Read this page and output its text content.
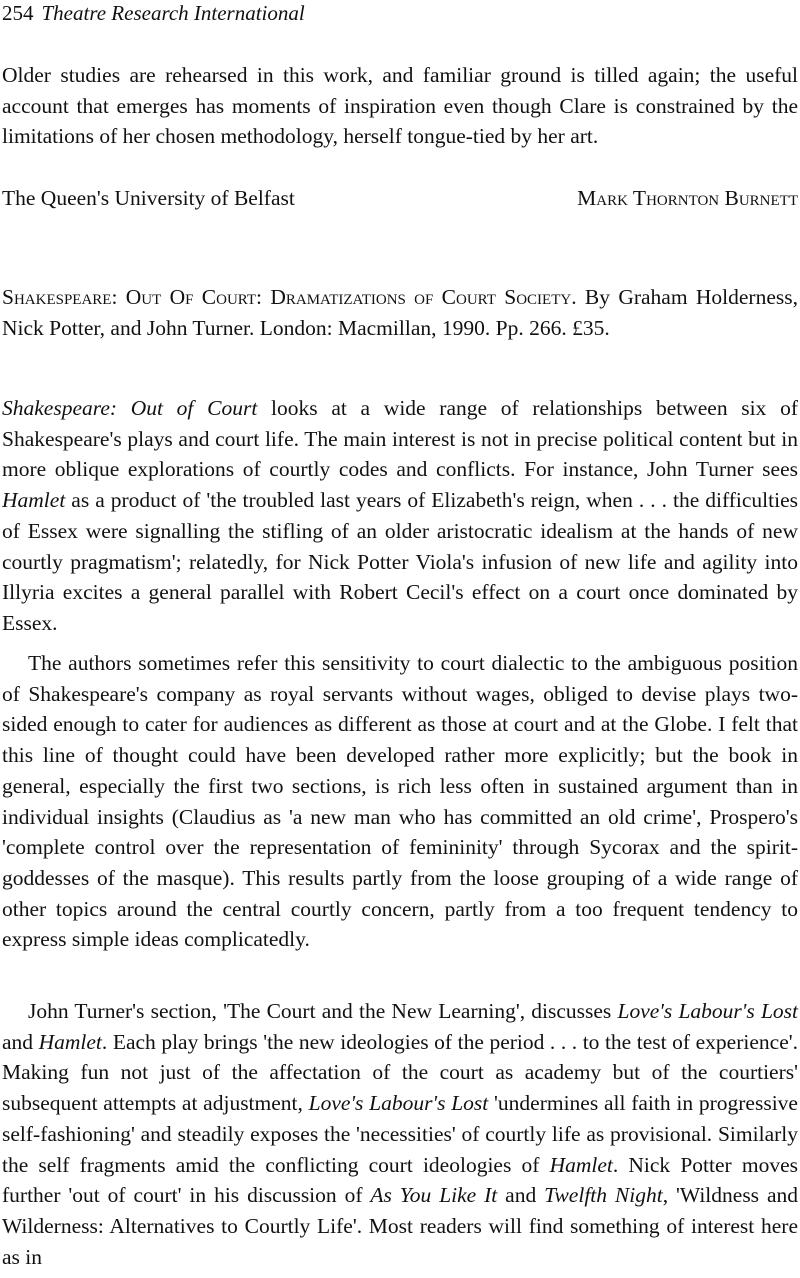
254 Theatre Research International

Older studies are rehearsed in this work, and familiar ground is tilled again; the useful account that emerges has moments of inspiration even though Clare is constrained by the limitations of her chosen methodology, herself tongue-tied by her art.

The Queen's University of Belfast	Mark Thornton Burnett

Shakespeare: Out Of Court: Dramatizations of Court Society. By Graham Holderness, Nick Potter, and John Turner. London: Macmillan, 1990. Pp. 266. £35.

Shakespeare: Out of Court looks at a wide range of relationships between six of Shakespeare's plays and court life. The main interest is not in precise political content but in more oblique explorations of courtly codes and conflicts. For instance, John Turner sees Hamlet as a product of 'the troubled last years of Elizabeth's reign, when . . . the difficulties of Essex were signalling the stifling of an older aristocratic idealism at the hands of new courtly pragmatism'; relatedly, for Nick Potter Viola's infusion of new life and agility into Illyria excites a general parallel with Robert Cecil's effect on a court once dominated by Essex.

The authors sometimes refer this sensitivity to court dialectic to the ambiguous position of Shakespeare's company as royal servants without wages, obliged to devise plays two-sided enough to cater for audiences as different as those at court and at the Globe. I felt that this line of thought could have been developed rather more explicitly; but the book in general, especially the first two sections, is rich less often in sustained argument than in individual insights (Claudius as 'a new man who has committed an old crime', Prospero's 'complete control over the representation of femininity' through Sycorax and the spirit-goddesses of the masque). This results partly from the loose grouping of a wide range of other topics around the central courtly concern, partly from a too frequent tendency to express simple ideas complicatedly.

John Turner's section, 'The Court and the New Learning', discusses Love's Labour's Lost and Hamlet. Each play brings 'the new ideologies of the period . . . to the test of experience'. Making fun not just of the affectation of the court as academy but of the courtiers' subsequent attempts at adjustment, Love's Labour's Lost 'undermines all faith in progressive self-fashioning' and steadily exposes the 'necessities' of courtly life as provisional. Similarly the self fragments amid the conflicting court ideologies of Hamlet. Nick Potter moves further 'out of court' in his discussion of As You Like It and Twelfth Night, 'Wildness and Wilderness: Alternatives to Courtly Life'. Most readers will find something of interest here as in
